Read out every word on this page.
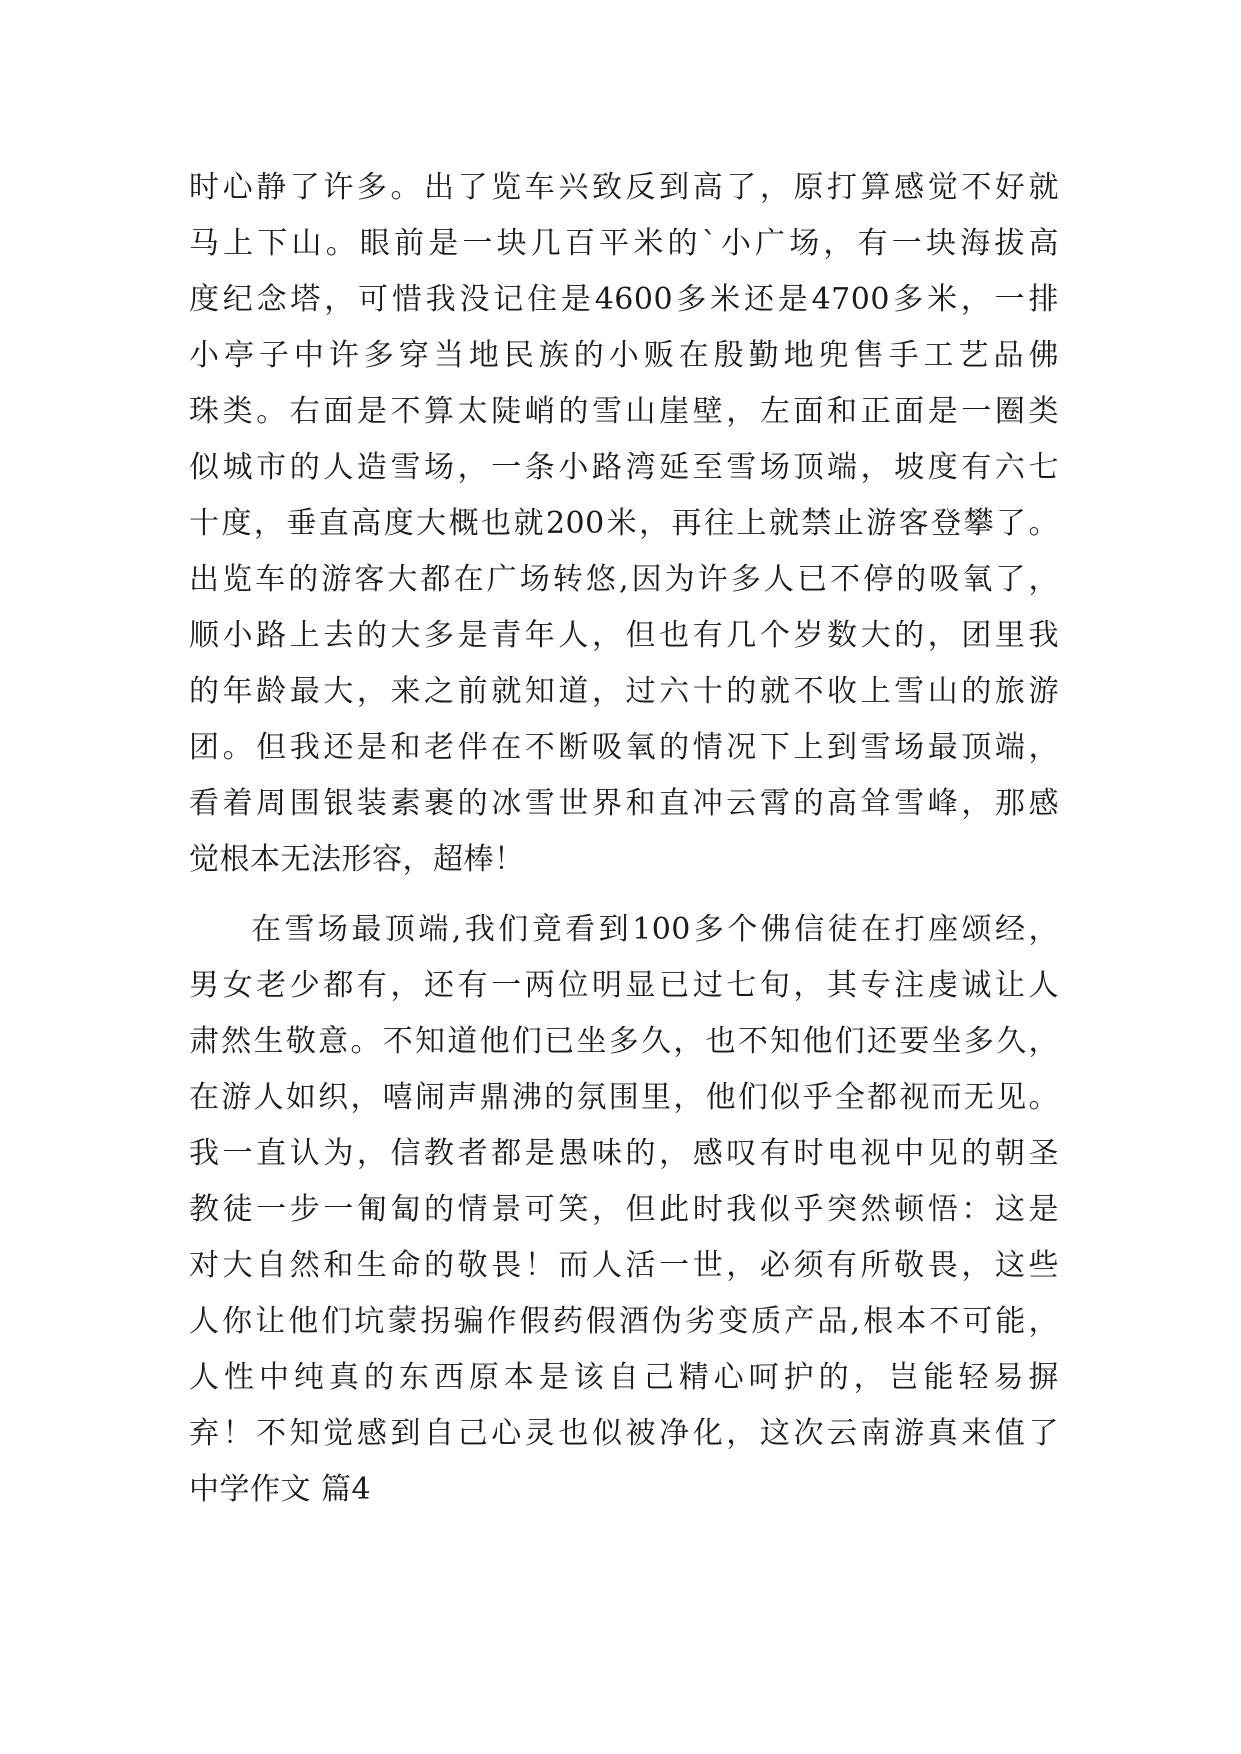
时心静了许多。出了览车兴致反到高了，原打算感觉不好就
马上下山。眼前是一块几百平米的`小广场，有一块海拔高
度纪念塔，可惜我没记住是4600多米还是4700多米，一排
小亭子中许多穿当地民族的小贩在殷勤地兜售手工艺品佛
珠类。右面是不算太陡峭的雪山崖壁，左面和正面是一圈类
似城市的人造雪场，一条小路湾延至雪场顶端，坡度有六七
十度，垂直高度大概也就200米，再往上就禁止游客登攀了。
出览车的游客大都在广场转悠,因为许多人已不停的吸氧了，
顺小路上去的大多是青年人，但也有几个岁数大的，团里我
的年龄最大，来之前就知道，过六十的就不收上雪山的旅游
团。但我还是和老伴在不断吸氧的情况下上到雪场最顶端，
看着周围银装素裹的冰雪世界和直冲云霄的高耸雪峰，那感
觉根本无法形容，超棒！
在雪场最顶端,我们竟看到100多个佛信徒在打座颂经，
男女老少都有，还有一两位明显已过七旬，其专注虔诚让人
肃然生敬意。不知道他们已坐多久，也不知他们还要坐多久，
在游人如织，嘻闹声鼎沸的氛围里，他们似乎全都视而无见。
我一直认为，信教者都是愚味的，感叹有时电视中见的朝圣
教徒一步一匍匐的情景可笑，但此时我似乎突然顿悟：这是
对大自然和生命的敬畏！而人活一世，必须有所敬畏，这些
人你让他们坑蒙拐骗作假药假酒伪劣变质产品,根本不可能，
人性中纯真的东西原本是该自己精心呵护的，岂能轻易摒
弃！不知觉感到自己心灵也似被净化，这次云南游真来值了
中学作文 篇4
